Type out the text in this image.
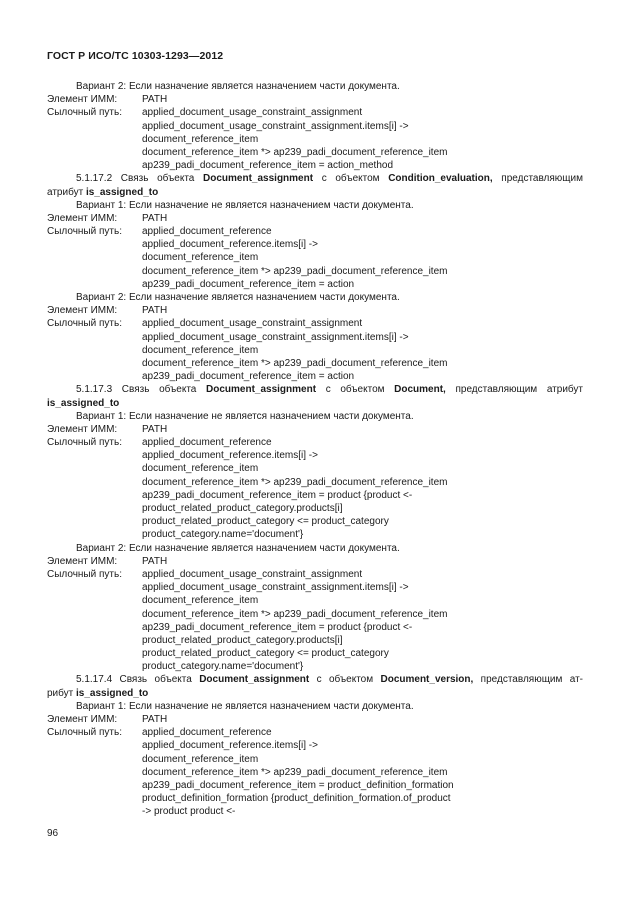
ГОСТ Р ИСО/ТС 10303-1293—2012
Вариант 2: Если назначение является назначением части документа.
Элемент ИММ:	PATH
Сылочный путь:	applied_document_usage_constraint_assignment
applied_document_usage_constraint_assignment.items[i] ->
document_reference_item
document_reference_item *> ap239_padi_document_reference_item
ap239_padi_document_reference_item = action_method
5.1.17.2 Связь объекта Document_assignment с объектом Condition_evaluation, представляющим
атрибут is_assigned_to
Вариант 1: Если назначение не является назначением части документа.
Элемент ИММ:	PATH
Сылочный путь:	applied_document_reference
applied_document_reference.items[i] ->
document_reference_item
document_reference_item *> ap239_padi_document_reference_item
ap239_padi_document_reference_item = action
Вариант 2: Если назначение является назначением части документа.
Элемент ИММ:	PATH
Сылочный путь:	applied_document_usage_constraint_assignment
applied_document_usage_constraint_assignment.items[i] ->
document_reference_item
document_reference_item *> ap239_padi_document_reference_item
ap239_padi_document_reference_item = action
5.1.17.3 Связь объекта Document_assignment с объектом Document, представляющим атрибут
is_assigned_to
Вариант 1: Если назначение не является назначением части документа.
Элемент ИММ:	PATH
Сылочный путь:	applied_document_reference
applied_document_reference.items[i] ->
document_reference_item
document_reference_item *> ap239_padi_document_reference_item
ap239_padi_document_reference_item = product {product <-
product_related_product_category.products[i]
product_related_product_category <= product_category
product_category.name='document'}
Вариант 2: Если назначение является назначением части документа.
Элемент ИММ:	PATH
Сылочный путь:	applied_document_usage_constraint_assignment
applied_document_usage_constraint_assignment.items[i] ->
document_reference_item
document_reference_item *> ap239_padi_document_reference_item
ap239_padi_document_reference_item = product {product <-
product_related_product_category.products[i]
product_related_product_category <= product_category
product_category.name='document'}
5.1.17.4 Связь объекта Document_assignment с объектом Document_version, представляющим ат-
рибут is_assigned_to
Вариант 1: Если назначение не является назначением части документа.
Элемент ИММ:	PATH
Сылочный путь:	applied_document_reference
applied_document_reference.items[i] ->
document_reference_item
document_reference_item *> ap239_padi_document_reference_item
ap239_padi_document_reference_item = product_definition_formation
product_definition_formation {product_definition_formation.of_product
-> product product <-
96
